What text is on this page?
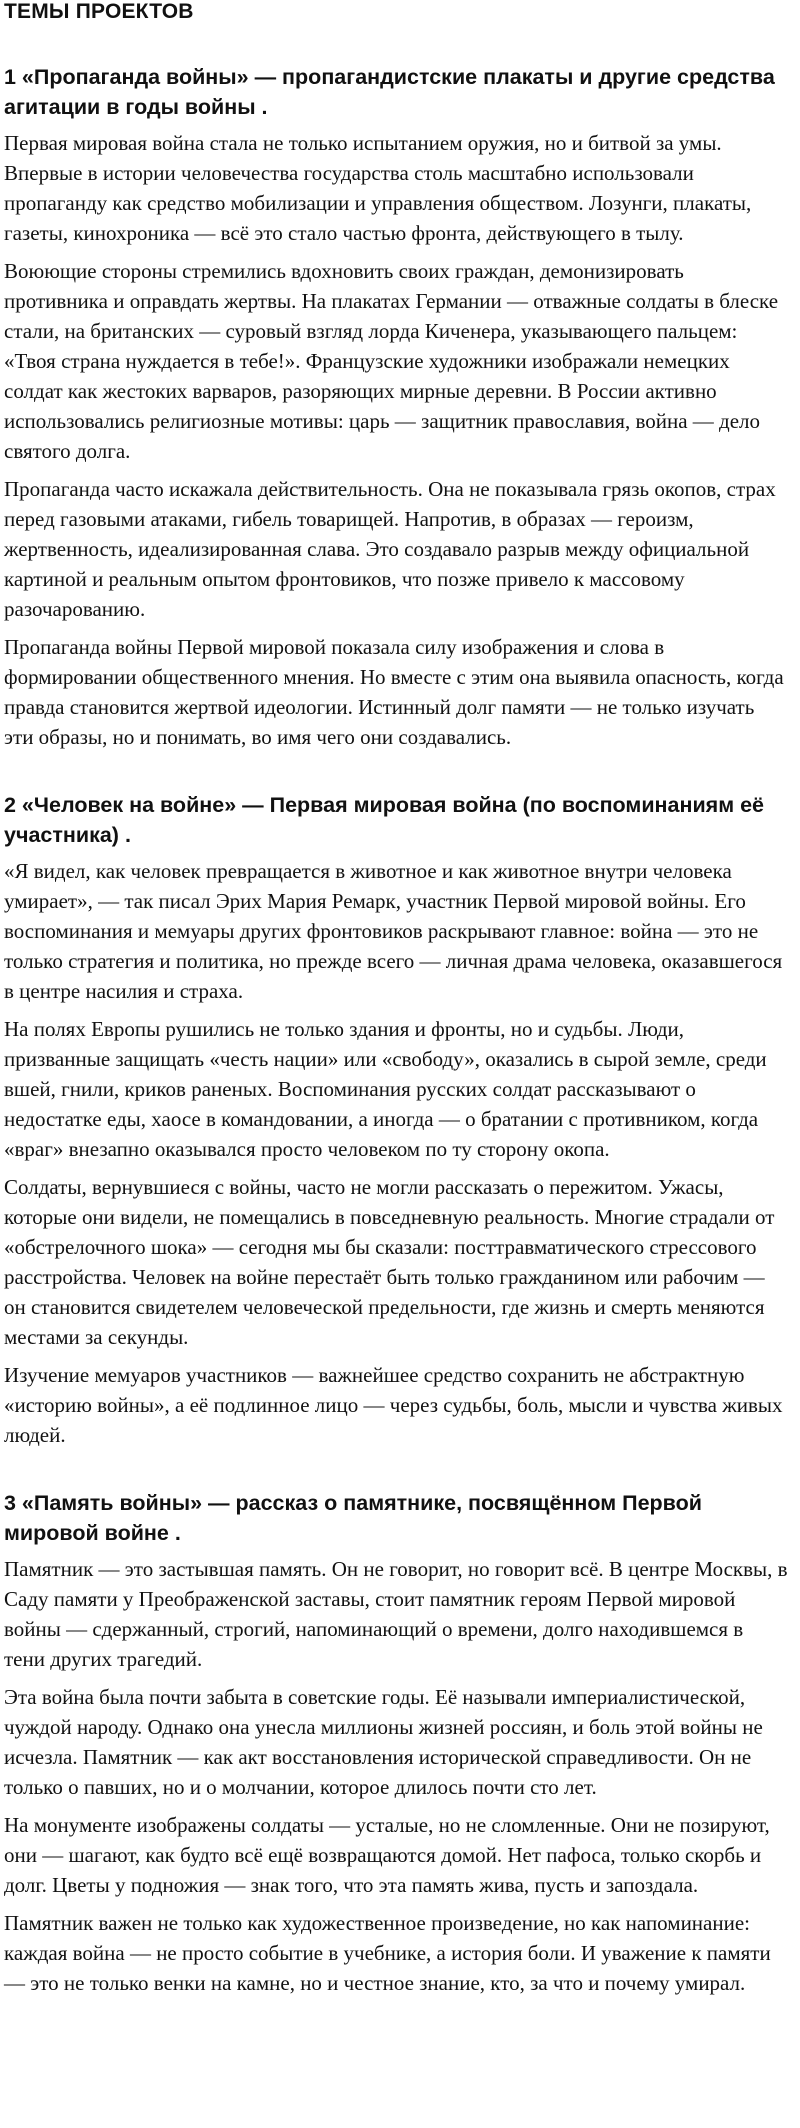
ТЕМЫ ПРОЕКТОВ
1 «Пропаганда войны» — пропагандистские плакаты и другие средства агитации в годы войны .

Первая мировая война стала не только испытанием оружия, но и битвой за умы. Впервые в истории человечества государства столь масштабно использовали пропаганду как средство мобилизации и управления обществом. Лозунги, плакаты, газеты, кинохроника — всё это стало частью фронта, действующего в тылу.

Воюющие стороны стремились вдохновить своих граждан, демонизировать противника и оправдать жертвы. На плакатах Германии — отважные солдаты в блеске стали, на британских — суровый взгляд лорда Киченера, указывающего пальцем: «Твоя страна нуждается в тебе!». Французские художники изображали немецких солдат как жестоких варваров, разоряющих мирные деревни. В России активно использовались религиозные мотивы: царь — защитник православия, война — дело святого долга.

Пропаганда часто искажала действительность. Она не показывала грязь окопов, страх перед газовыми атаками, гибель товарищей. Напротив, в образах — героизм, жертвенность, идеализированная слава. Это создавало разрыв между официальной картиной и реальным опытом фронтовиков, что позже привело к массовому разочарованию.

Пропаганда войны Первой мировой показала силу изображения и слова в формировании общественного мнения. Но вместе с этим она выявила опасность, когда правда становится жертвой идеологии. Истинный долг памяти — не только изучать эти образы, но и понимать, во имя чего они создавались.

2 «Человек на войне» — Первая мировая война (по воспоминаниям её участника) .

«Я видел, как человек превращается в животное и как животное внутри человека умирает», — так писал Эрих Мария Ремарк, участник Первой мировой войны. Его воспоминания и мемуары других фронтовиков раскрывают главное: война — это не только стратегия и политика, но прежде всего — личная драма человека, оказавшегося в центре насилия и страха.

На полях Европы рушились не только здания и фронты, но и судьбы. Люди, призванные защищать «честь нации» или «свободу», оказались в сырой земле, среди вшей, гнили, криков раненых. Воспоминания русских солдат рассказывают о недостатке еды, хаосе в командовании, а иногда — о братании с противником, когда «враг» внезапно оказывался просто человеком по ту сторону окопа.

Солдаты, вернувшиеся с войны, часто не могли рассказать о пережитом. Ужасы, которые они видели, не помещались в повседневную реальность. Многие страдали от «обстрелочного шока» — сегодня мы бы сказали: посттравматического стрессового расстройства. Человек на войне перестаёт быть только гражданином или рабочим — он становится свидетелем человеческой предельности, где жизнь и смерть меняются местами за секунды.

Изучение мемуаров участников — важнейшее средство сохранить не абстрактную «историю войны», а её подлинное лицо — через судьбы, боль, мысли и чувства живых людей.

3 «Память войны» — рассказ о памятнике, посвящённом Первой мировой войне .

Памятник — это застывшая память. Он не говорит, но говорит всё. В центре Москвы, в Саду памяти у Преображенской заставы, стоит памятник героям Первой мировой войны — сдержанный, строгий, напоминающий о времени, долго находившемся в тени других трагедий.

Эта война была почти забыта в советские годы. Её называли империалистической, чуждой народу. Однако она унесла миллионы жизней россиян, и боль этой войны не исчезла. Памятник — как акт восстановления исторической справедливости. Он не только о павших, но и о молчании, которое длилось почти сто лет.

На монументе изображены солдаты — усталые, но не сломленные. Они не позируют, они — шагают, как будто всё ещё возвращаются домой. Нет пафоса, только скорбь и долг. Цветы у подножия — знак того, что эта память жива, пусть и запоздала.

Памятник важен не только как художественное произведение, но как напоминание: каждая война — не просто событие в учебнике, а история боли. И уважение к памяти — это не только венки на камне, но и честное знание, кто, за что и почему умирал.
